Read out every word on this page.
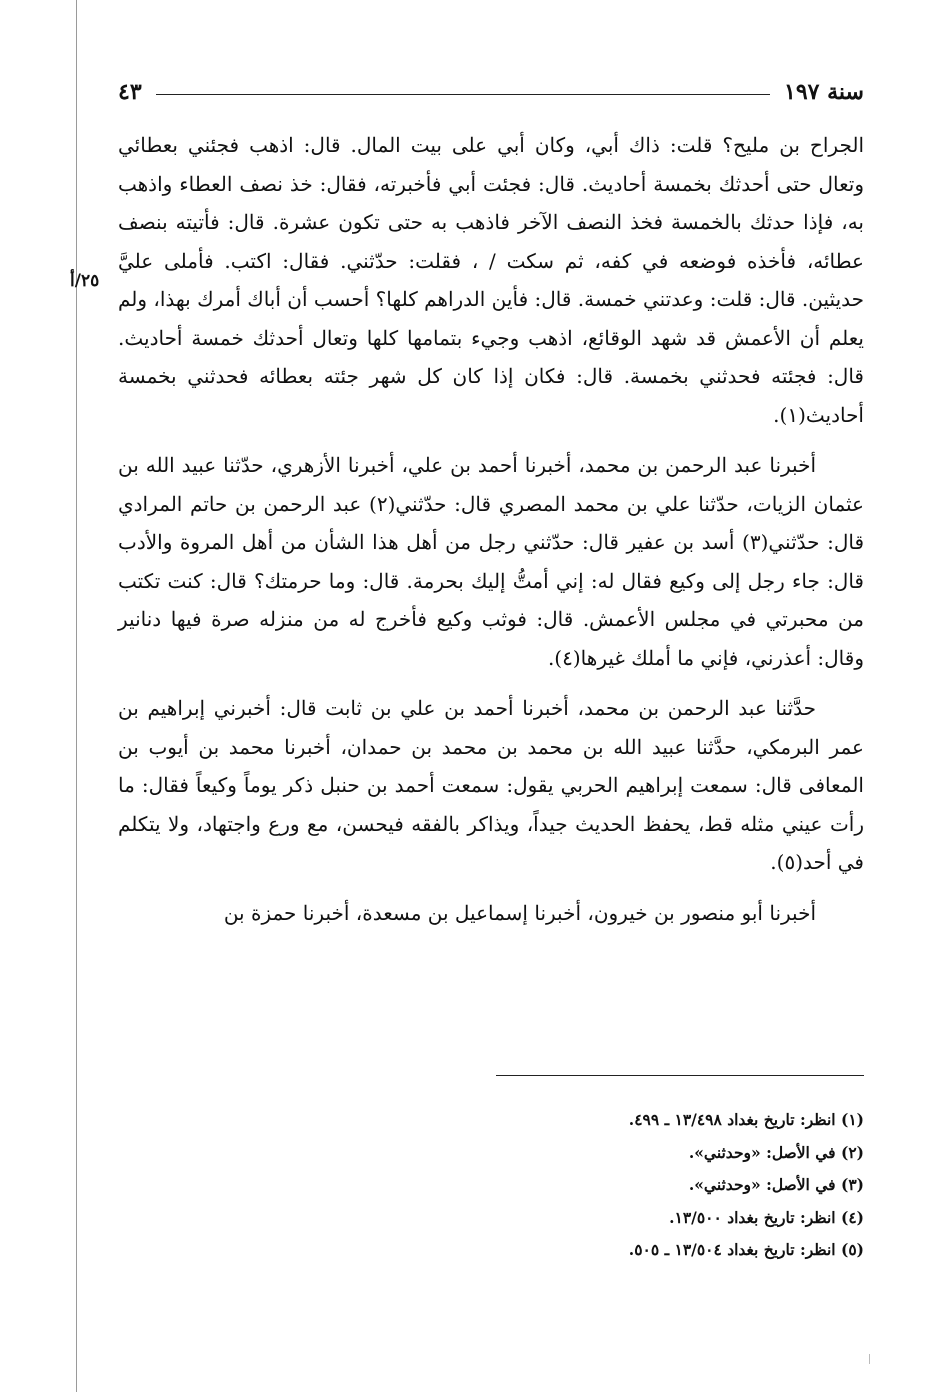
سنة ١٩٧
٤٣
٢٥/أ

الجراح بن مليح؟ قلت: ذاك أبي، وكان أبي على بيت المال. قال: اذهب فجئني بعطائي وتعال حتى أحدثك بخمسة أحاديث. قال: فجئت أبي فأخبرته، فقال: خذ نصف العطاء واذهب به، فإذا حدثك بالخمسة فخذ النصف الآخر فاذهب به حتى تكون عشرة. قال: فأتيته بنصف عطائه، فأخذه فوضعه في كفه، ثم سكت / ، فقلت: حدّثني. فقال: اكتب. فأملى عليَّ حديثين. قال: قلت: وعدتني خمسة. قال: فأين الدراهم كلها؟ أحسب أن أباك أمرك بهذا، ولم يعلم أن الأعمش قد شهد الوقائع، اذهب وجيء بتمامها كلها وتعال أحدثك خمسة أحاديث. قال: فجئته فحدثني بخمسة. قال: فكان إذا كان كل شهر جئته بعطائه فحدثني بخمسة أحاديث(١).

أخبرنا عبد الرحمن بن محمد، أخبرنا أحمد بن علي، أخبرنا الأزهري، حدّثنا عبيد الله بن عثمان الزيات، حدّثنا علي بن محمد المصري قال: حدّثني(٢) عبد الرحمن بن حاتم المرادي قال: حدّثني(٣) أسد بن عفير قال: حدّثني رجل من أهل هذا الشأن من أهل المروة والأدب قال: جاء رجل إلى وكيع فقال له: إني أمتُّ إليك بحرمة. قال: وما حرمتك؟ قال: كنت تكتب من محبرتي في مجلس الأعمش. قال: فوثب وكيع فأخرج له من منزله صرة فيها دنانير وقال: أعذرني، فإني ما أملك غيرها(٤).

حدَّثنا عبد الرحمن بن محمد، أخبرنا أحمد بن علي بن ثابت قال: أخبرني إبراهيم بن عمر البرمكي، حدَّثنا عبيد الله بن محمد بن محمد بن حمدان، أخبرنا محمد بن أيوب بن المعافى قال: سمعت إبراهيم الحربي يقول: سمعت أحمد بن حنبل ذكر يوماً وكيعاً فقال: ما رأت عيني مثله قط، يحفظ الحديث جيداً، ويذاكر بالفقه فيحسن، مع ورع واجتهاد، ولا يتكلم في أحد(٥).

أخبرنا أبو منصور بن خيرون، أخبرنا إسماعيل بن مسعدة، أخبرنا حمزة بن

(١) انظر: تاريخ بغداد ١٣/٤٩٨ ـ ٤٩٩.
(٢) في الأصل: «وحدثني».
(٣) في الأصل: «وحدثني».
(٤) انظر: تاريخ بغداد ١٣/٥٠٠.
(٥) انظر: تاريخ بغداد ١٣/٥٠٤ ـ ٥٠٥.
